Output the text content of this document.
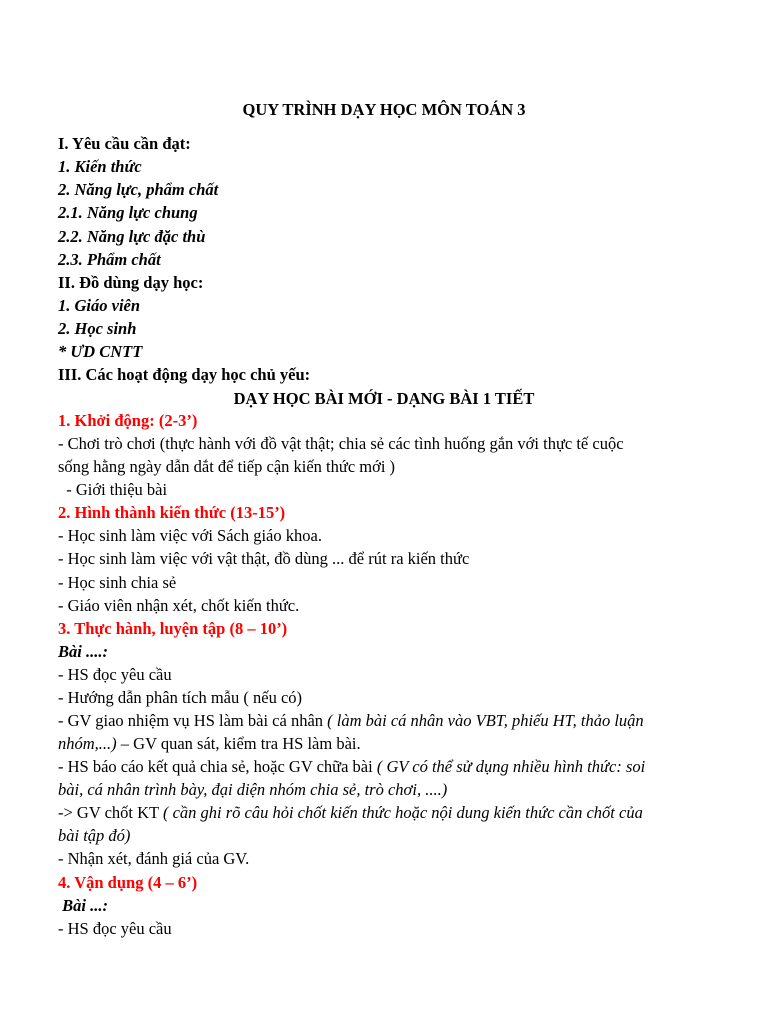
QUY TRÌNH DẠY HỌC MÔN TOÁN 3
I. Yêu cầu cần đạt:
1. Kiến thức
2. Năng lực, phẩm chất
2.1. Năng lực chung
2.2. Năng lực đặc thù
2.3. Phẩm chất
II. Đồ dùng dạy học:
1. Giáo viên
2. Học sinh
* ƯD CNTT
III. Các hoạt động dạy học chủ yếu:
DẠY HỌC BÀI MỚI - DẠNG BÀI 1 TIẾT
1. Khởi động: (2-3’)
- Chơi trò chơi (thực hành với đồ vật thật; chia sẻ các tình huống gắn với thực tế cuộc
sống hằng ngày dẫn dắt để tiếp cận kiến thức mới )
- Giới thiệu bài
2. Hình thành kiến thức (13-15’)
- Học sinh làm việc với Sách giáo khoa.
- Học sinh làm việc với vật thật, đồ dùng ... để rút ra kiến thức
- Học sinh chia sẻ
- Giáo viên nhận xét, chốt kiến thức.
3. Thực hành, luyện tập (8 – 10’)
Bài ....:
- HS đọc yêu cầu
- Hướng dẫn phân tích mẫu ( nếu có)
- GV giao nhiệm vụ HS làm bài cá nhân ( làm bài cá nhân vào VBT, phiếu HT, thảo luận
nhóm,...) – GV quan sát, kiểm tra HS làm bài.
- HS báo cáo kết quả chia sẻ, hoặc GV chữa bài ( GV có thể sử dụng nhiều hình thức: soi
bài, cá nhân trình bày, đại diện nhóm chia sẻ, trò chơi, ....)
-> GV chốt KT ( cần ghi rõ câu hỏi chốt kiến thức hoặc nội dung kiến thức cần chốt của
bài tập đó)
- Nhận xét, đánh giá của GV.
4. Vận dụng (4 – 6’)
Bài ...:
- HS đọc yêu cầu
